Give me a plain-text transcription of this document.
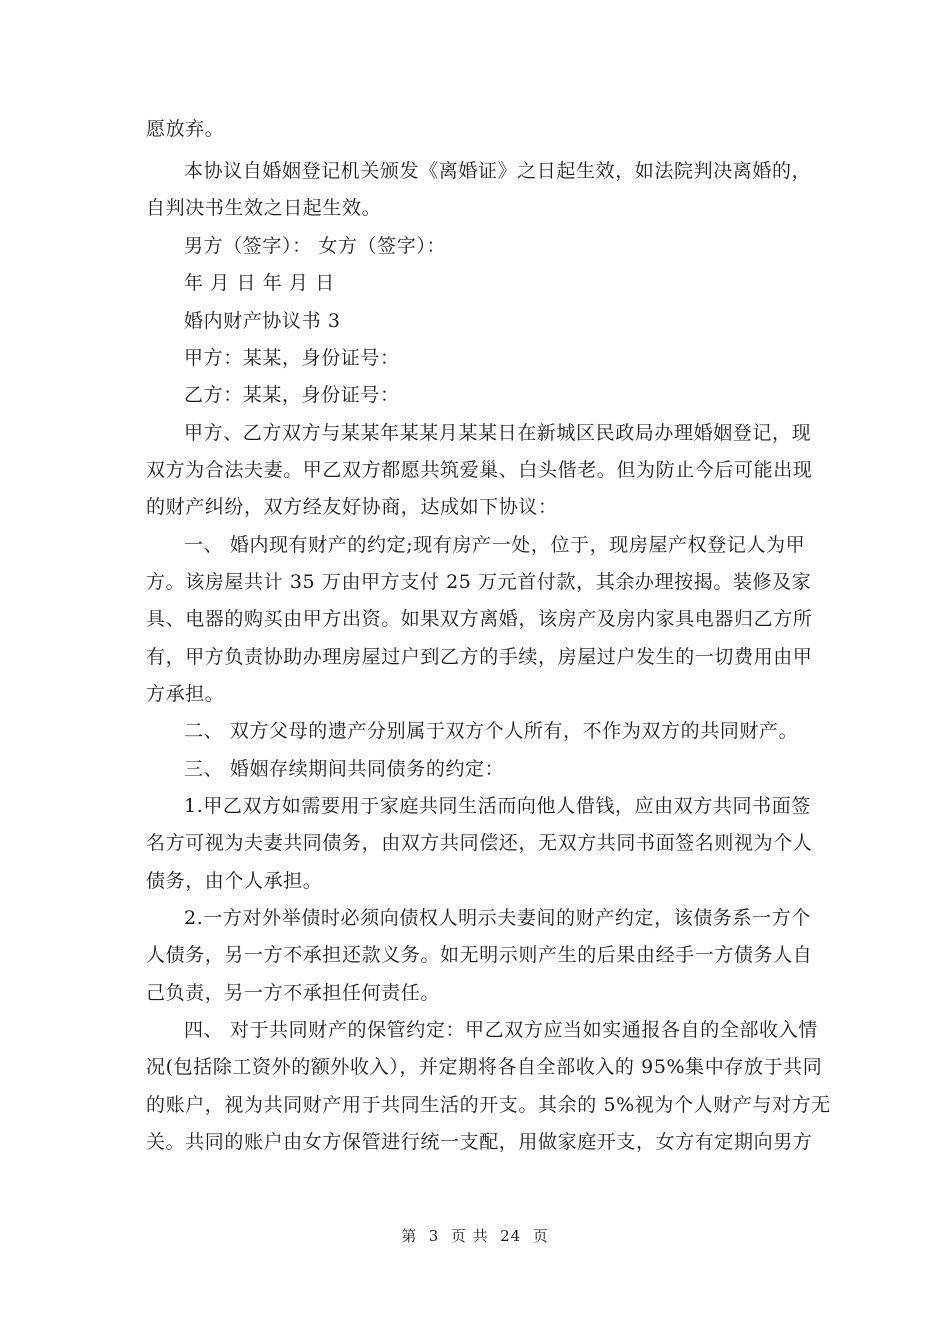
愿放弃。
本协议自婚姻登记机关颁发《离婚证》之日起生效，如法院判决离婚的，
自判决书生效之日起生效。
男方（签字）： 女方（签字）：
年 月 日 年 月 日
婚内财产协议书 3
甲方：某某，身份证号：
乙方：某某，身份证号：
甲方、乙方双方与某某年某某月某某日在新城区民政局办理婚姻登记，现
双方为合法夫妻。甲乙双方都愿共筑爱巢、白头偕老。但为防止今后可能出现
的财产纠纷，双方经友好协商，达成如下协议：
一、 婚内现有财产的约定;现有房产一处，位于，现房屋产权登记人为甲
方。该房屋共计 35 万由甲方支付 25 万元首付款，其余办理按揭。装修及家
具、电器的购买由甲方出资。如果双方离婚，该房产及房内家具电器归乙方所
有，甲方负责协助办理房屋过户到乙方的手续，房屋过户发生的一切费用由甲
方承担。
二、 双方父母的遗产分别属于双方个人所有，不作为双方的共同财产。
三、 婚姻存续期间共同债务的约定：
1.甲乙双方如需要用于家庭共同生活而向他人借钱，应由双方共同书面签
名方可视为夫妻共同债务，由双方共同偿还，无双方共同书面签名则视为个人
债务，由个人承担。
2.一方对外举债时必须向债权人明示夫妻间的财产约定，该债务系一方个
人债务，另一方不承担还款义务。如无明示则产生的后果由经手一方债务人自
己负责，另一方不承担任何责任。
四、 对于共同财产的保管约定：甲乙双方应当如实通报各自的全部收入情
况(包括除工资外的额外收入），并定期将各自全部收入的 95%集中存放于共同
的账户，视为共同财产用于共同生活的开支。其余的 5%视为个人财产与对方无
关。共同的账户由女方保管进行统一支配，用做家庭开支，女方有定期向男方
第  3  页 共  24  页
